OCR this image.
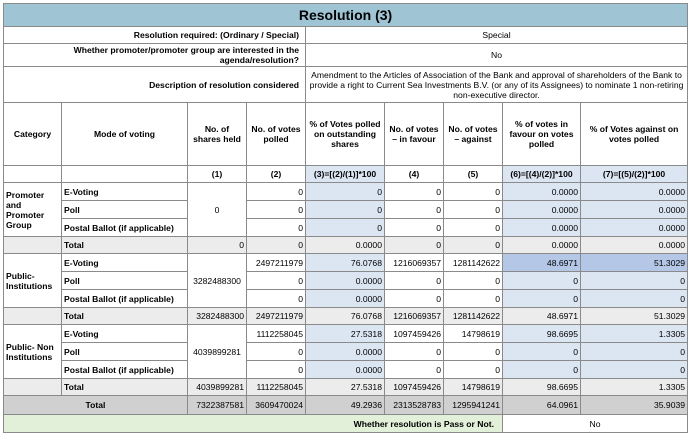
Resolution (3)								
Resolution required: (Ordinary / Special)				Special				
Whether promoter/promoter group are interested in the agenda/resolution?				No				
Description of resolution considered				Amendment to the Articles of Association of the Bank and approval of shareholders of the Bank to provide a right to Current Sea Investments B.V. (or any of its Assignees) to nominate 1 non-retiring non-executive director.				
Category	Mode of voting	No. of shares held	No. of votes polled	% of Votes polled on outstanding shares	No. of votes – in favour	No. of votes – against	% of votes in favour on votes polled	% of Votes against on votes polled
		(1)	(2)	(3)=[(2)/(1)]*100	(4)	(5)	(6)=[(4)/(2)]*100	(7)=[(5)/(2)]*100
Promoter and Promoter Group	E-Voting	0	0	0	0	0	0.0000	0.0000
	Poll		0	0	0	0	0.0000	0.0000
	Postal Ballot (if applicable)		0	0	0	0	0.0000	0.0000
	Total	0	0	0.0000	0	0	0.0000	0.0000
Public- Institutions	E-Voting	3282488300	2497211979	76.0768	1216069357	1281142622	48.6971	51.3029
	Poll		0	0.0000	0	0	0	0
	Postal Ballot (if applicable)		0	0.0000	0	0	0	0
	Total	3282488300	2497211979	76.0768	1216069357	1281142622	48.6971	51.3029
Public- Non Institutions	E-Voting	4039899281	1112258045	27.5318	1097459426	14798619	98.6695	1.3305
	Poll		0	0.0000	0	0	0	0
	Postal Ballot (if applicable)		0	0.0000	0	0	0	0
	Total	4039899281	1112258045	27.5318	1097459426	14798619	98.6695	1.3305
Total		7322387581	3609470024	49.2936	2313528783	1295941241	64.0961	35.9039
Whether resolution is Pass or Not.							No	
